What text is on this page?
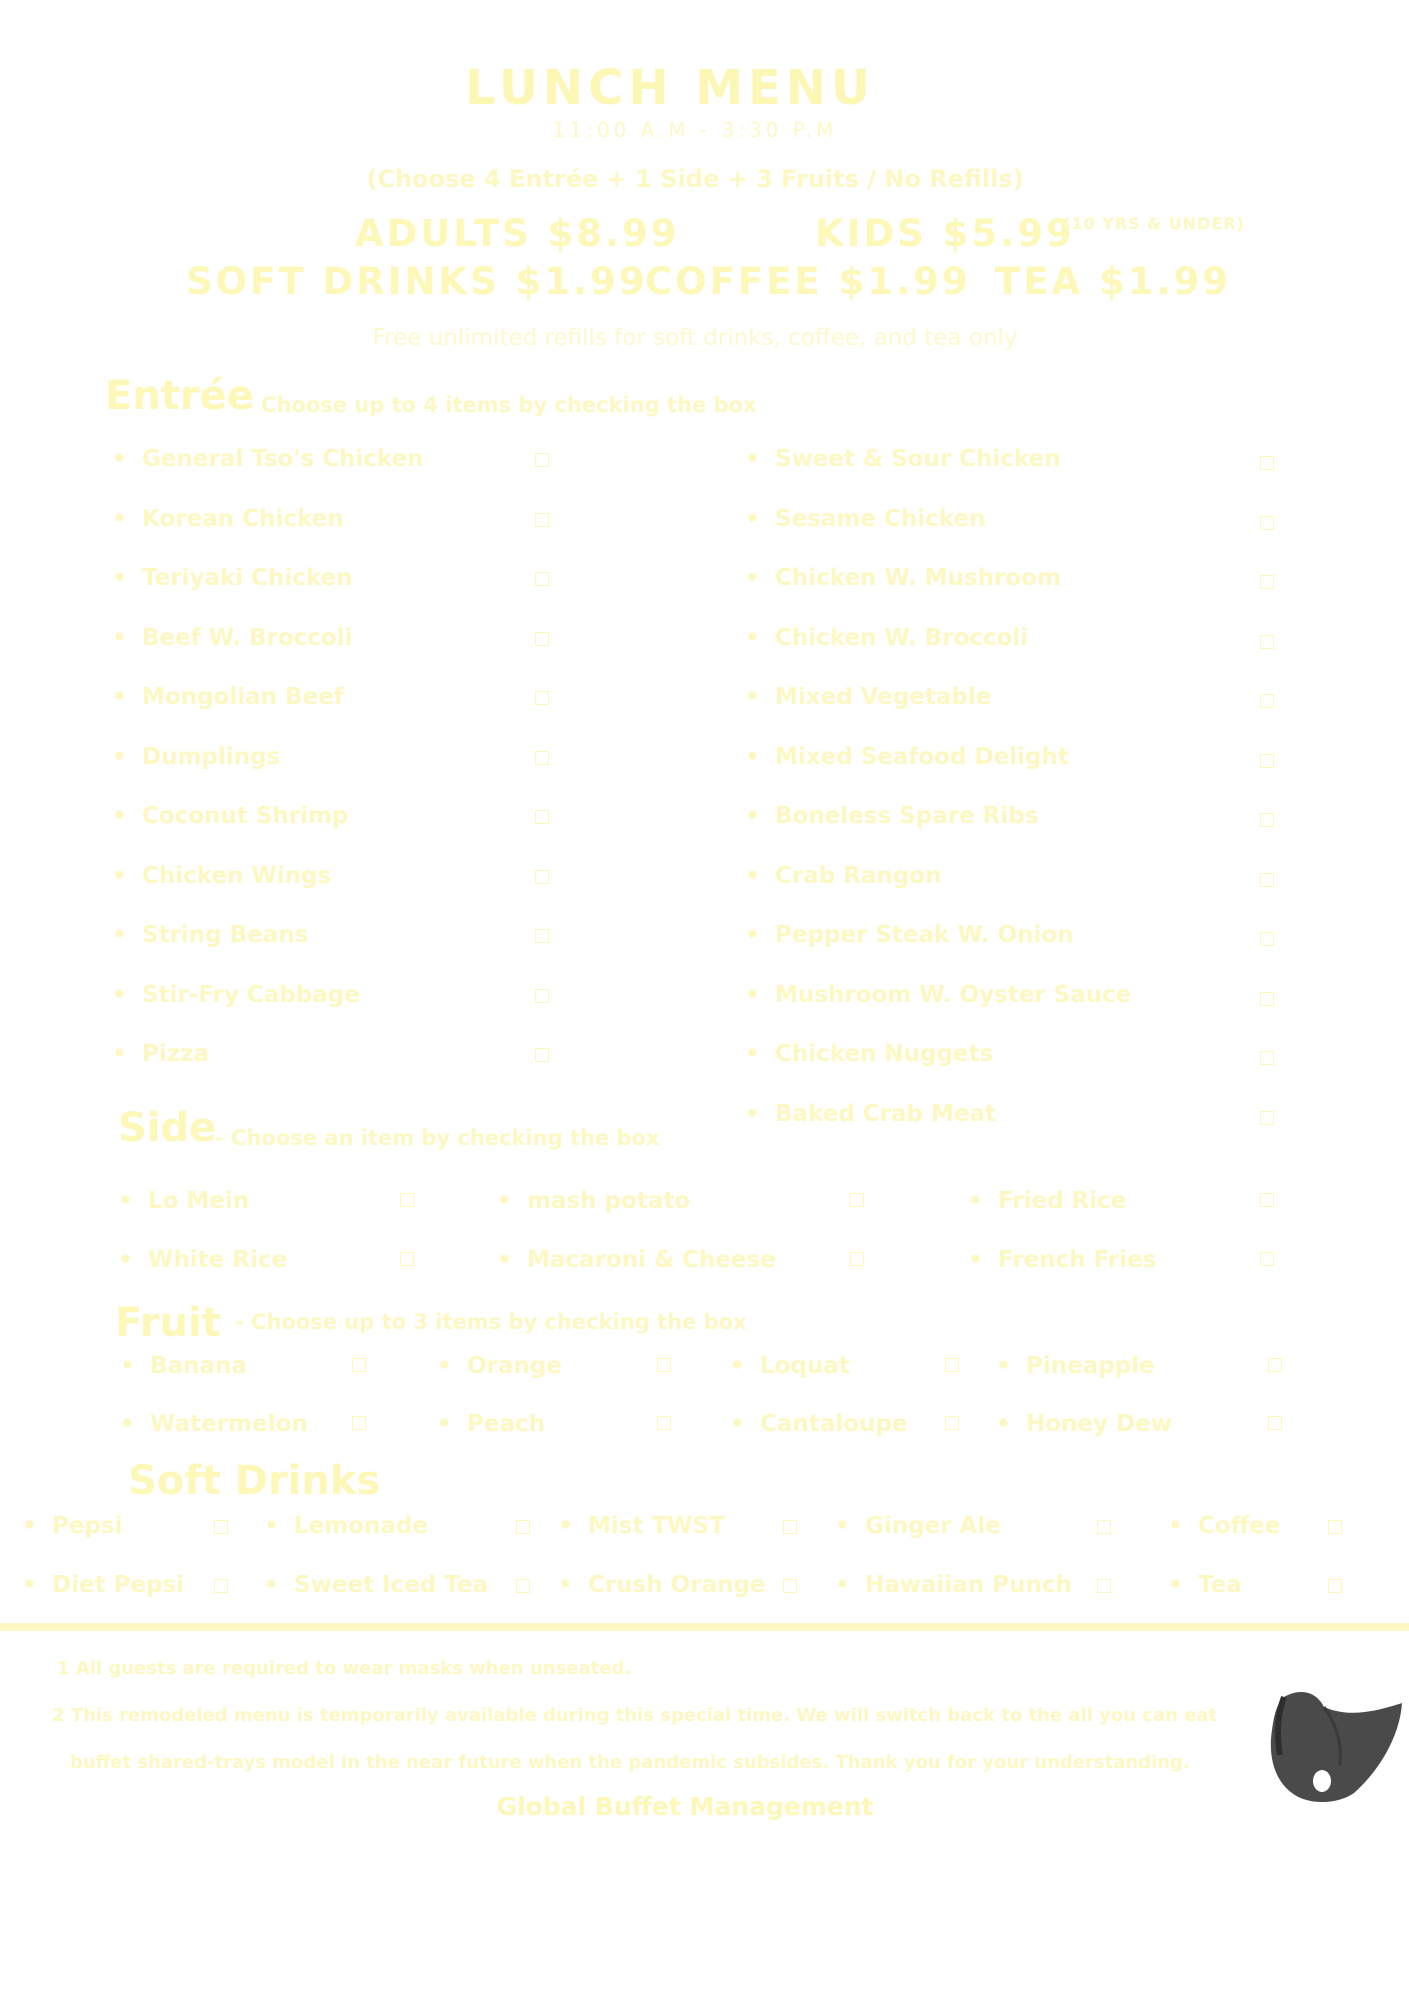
LUNCH MENU
11:00 A.M - 3:30 P.M
(Choose 4 Entrée + 1 Side + 3 Fruits / No Refills)
ADULTS $8.99	KIDS $5.99
(10 YRS & UNDER)
SOFT DRINKS $1.99
COFFEE $1.99 TEA $1.99
Free unlimited refills for soft drinks, coffee, and tea only
Entrée
- Choose up to 4 items by checking the box
Side
- Choose an item by checking the box
Fruit - Choose up to 3 items by checking the box
Soft Drinks
1 All guests are required to wear masks when unseated.
2 This remodeled menu is temporarily available during this special time. We will switch back to the all you can eat
buffet shared-trays model in the near future when the pandemic subsides. Thank you for your understanding.
Global Buffet Management
• General Tso's Chicken
• Korean Chicken
• Teriyaki Chicken
• Beef W. Broccoli
• Mongolian Beef
• Dumplings
• Coconut Shrimp
• Chicken Wings
• String Beans
• Stir-Fry Cabbage
• Pizza
• Sweet & Sour Chicken
• Sesame Chicken
• Chicken W. Mushroom
• Chicken W. Broccoli
• Mixed Vegetable
• Mixed Seafood Delight
• Boneless Spare Ribs
• Crab Rangon
• Pepper Steak W. Onion
• Mushroom W. Oyster Sauce
• Chicken Nuggets
• Baked Crab Meat
• Lo Mein
• White Rice
• mash potato
• Macaroni & Cheese
• Fried Rice
• French Fries
• Banana
• Watermelon
• Orange
• Peach
• Loquat
• Cantaloupe
• Pineapple
• Honey Dew
• Pepsi
• Diet Pepsi
• Lemonade
• Sweet Iced Tea
• Mist TWST
• Crush Orange
• Ginger Ale
• Hawaiian Punch
• Coffee
• Tea
